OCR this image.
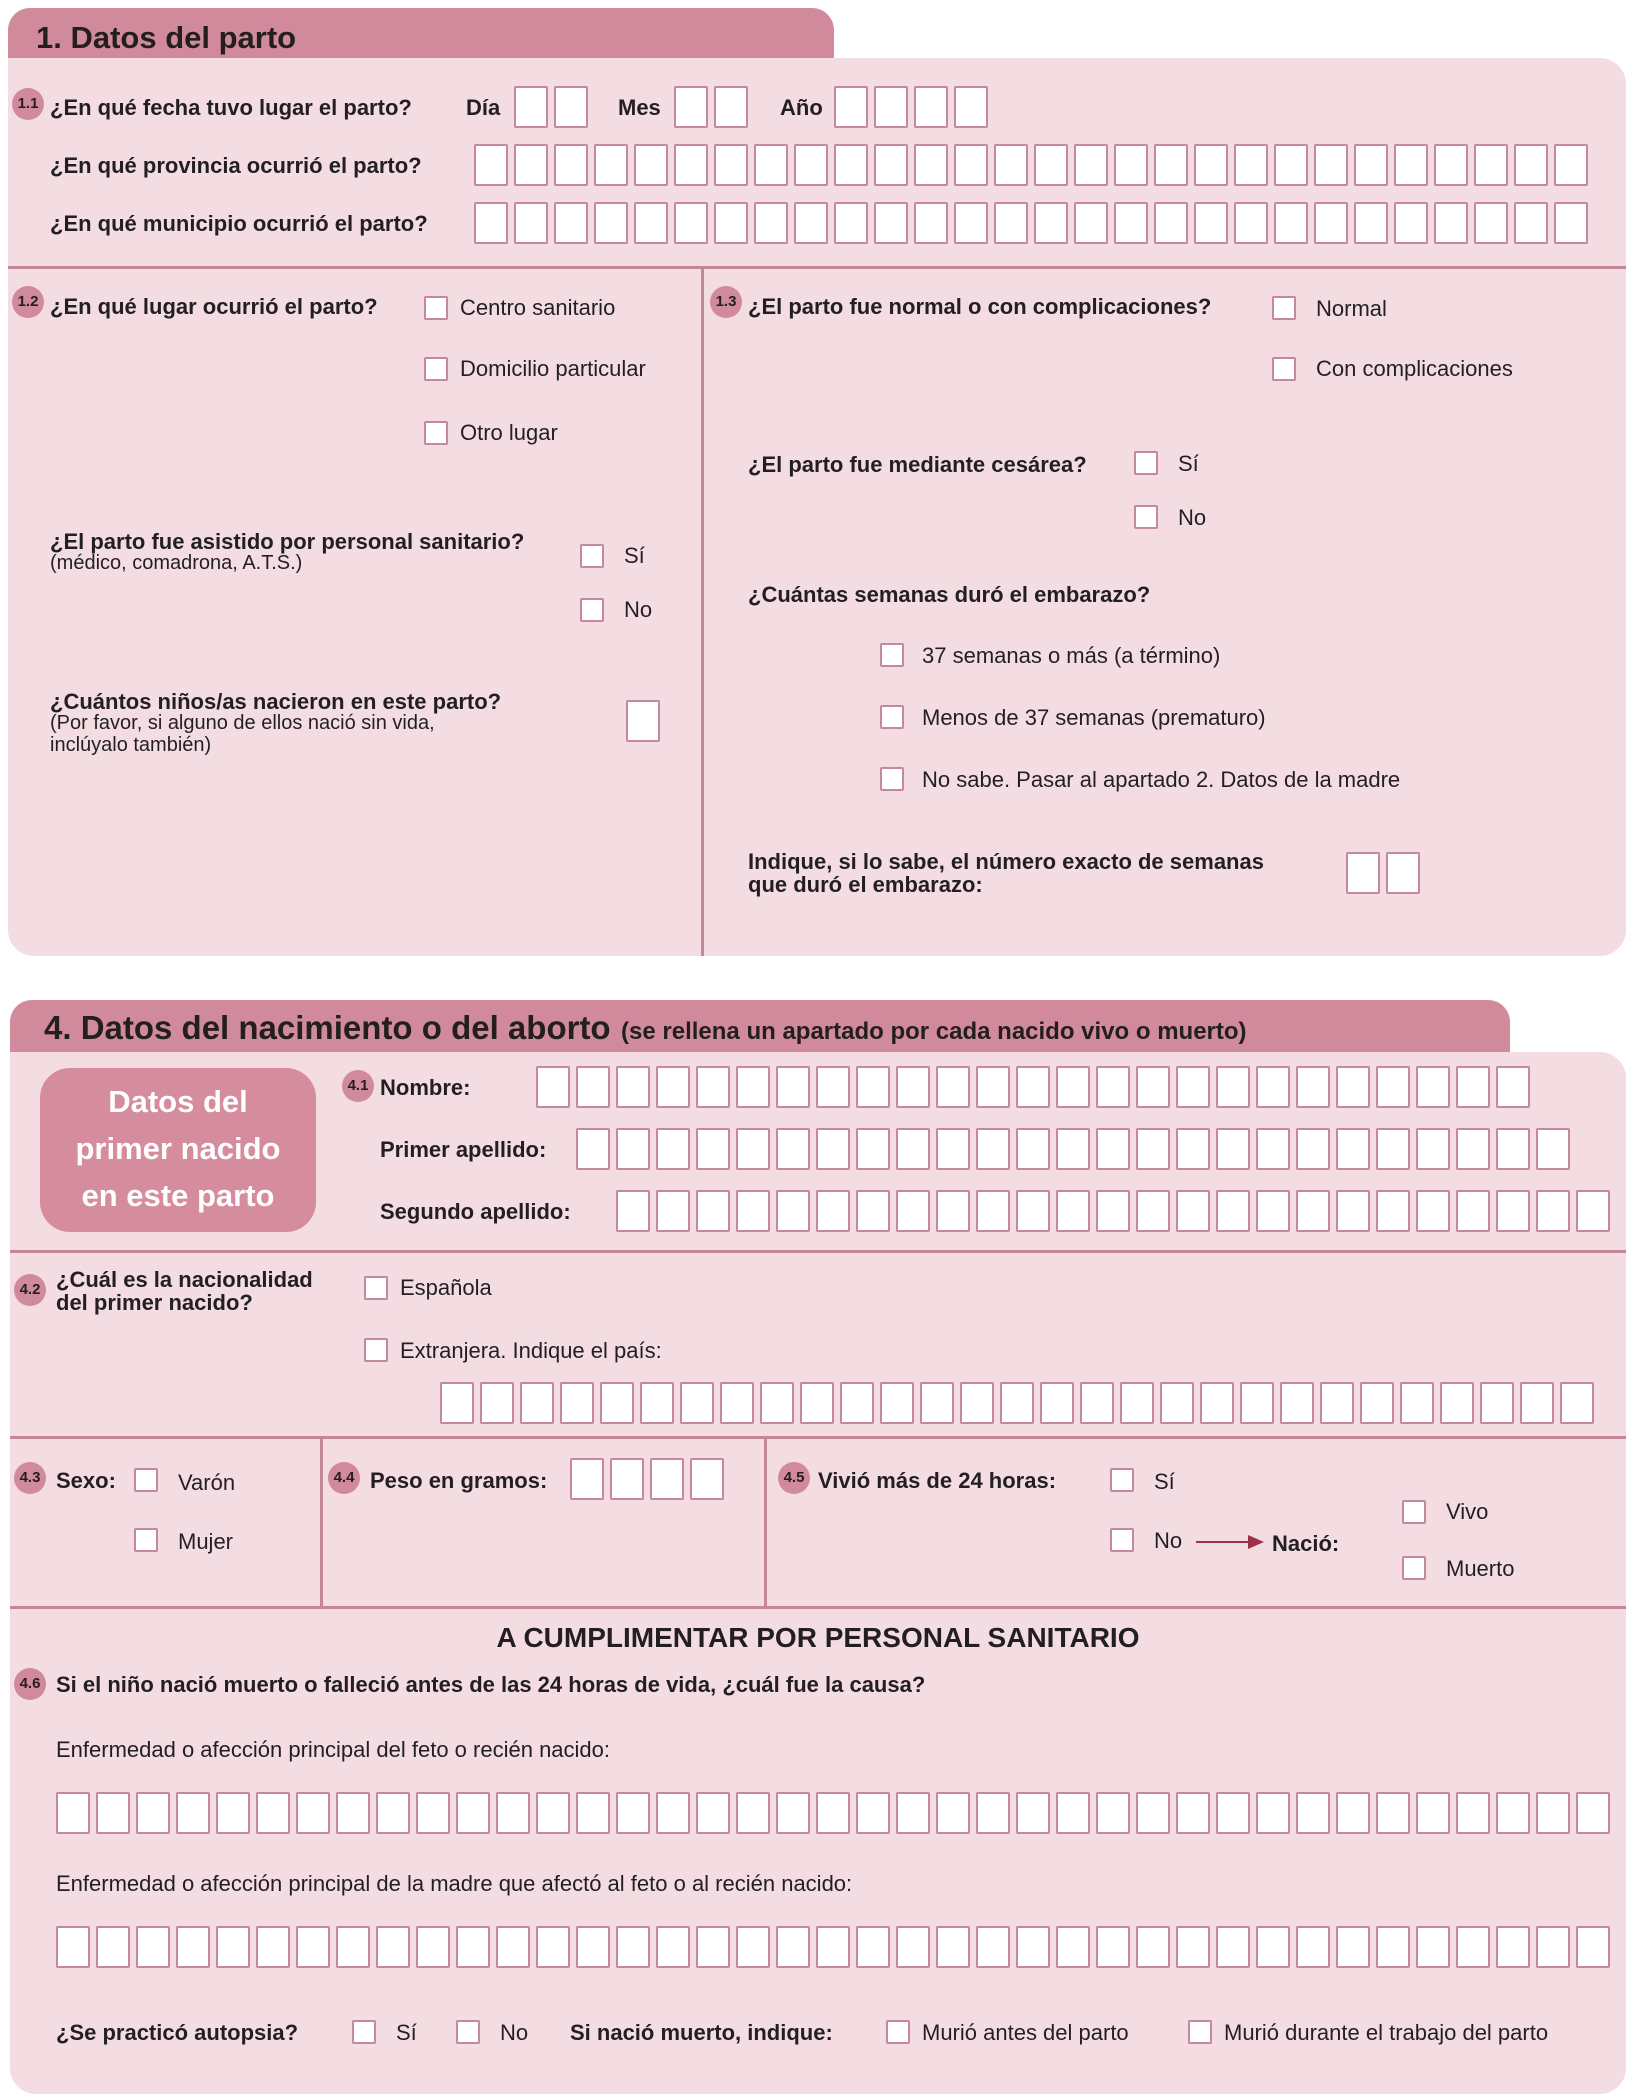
1. Datos del parto
1.1 ¿En qué fecha tuvo lugar el parto? Día	Mes	Año
¿En qué provincia ocurrió el parto?
¿En qué municipio ocurrió el parto?
1.2 ¿En qué lugar ocurrió el parto?	Centro sanitario
Domicilio particular
Otro lugar
¿El parto fue asistido por personal sanitario?
(médico, comadrona, A.T.S.)	Sí
No
¿Cuántos niños/as nacieron en este parto?
(Por favor, si alguno de ellos nació sin vida,
inclúyalo también)
1.3 ¿El parto fue normal o con complicaciones?	Normal
Con complicaciones
¿El parto fue mediante cesárea?	Sí
No
¿Cuántas semanas duró el embarazo?
37 semanas o más (a término)
Menos de 37 semanas (prematuro)
No sabe. Pasar al apartado 2. Datos de la madre
Indique, si lo sabe, el número exacto de semanas
que duró el embarazo:
4. Datos del nacimiento o del aborto (se rellena un apartado por cada nacido vivo o muerto)
Datos del
primer nacido
en este parto
4.1 Nombre:
Primer apellido:
Segundo apellido:
4.2 ¿Cuál es la nacionalidad
del primer nacido?
Española
Extranjera. Indique el país:
4.3 Sexo:	Varón
Mujer
4.4 Peso en gramos:	4.5 Vivió más de 24 horas:	Sí
No	Nació:
Vivo
Muerto
A CUMPLIMENTAR POR PERSONAL SANITARIO
4.6 Si el niño nació muerto o falleció antes de las 24 horas de vida, ¿cuál fue la causa?
Enfermedad o afección principal del feto o recién nacido:
Enfermedad o afección principal de la madre que afectó al feto o al recién nacido:
¿Se practicó autopsia?	Sí	No Si nació muerto, indique:	Murió antes del parto	Murió durante el trabajo del parto
